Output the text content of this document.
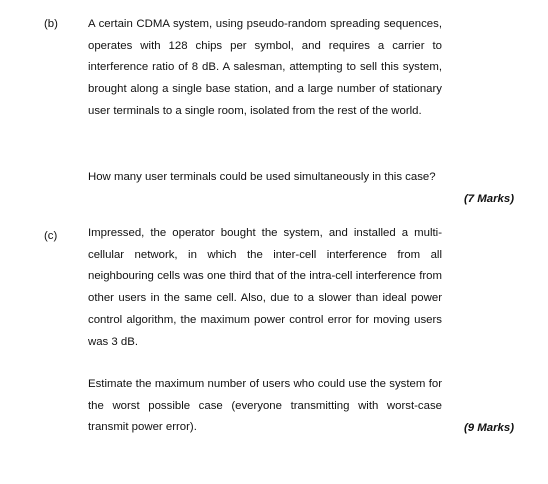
(b)	A certain CDMA system, using pseudo-random spreading sequences, operates with 128 chips per symbol, and requires a carrier to interference ratio of 8 dB. A salesman, attempting to sell this system, brought along a single base station, and a large number of stationary user terminals to a single room, isolated from the rest of the world.
How many user terminals could be used simultaneously in this case?
(7 Marks)
(c)	Impressed, the operator bought the system, and installed a multi-cellular network, in which the inter-cell interference from all neighbouring cells was one third that of the intra-cell interference from other users in the same cell. Also, due to a slower than ideal power control algorithm, the maximum power control error for moving users was 3 dB.
Estimate the maximum number of users who could use the system for the worst possible case (everyone transmitting with worst-case transmit power error).	(9 Marks)
